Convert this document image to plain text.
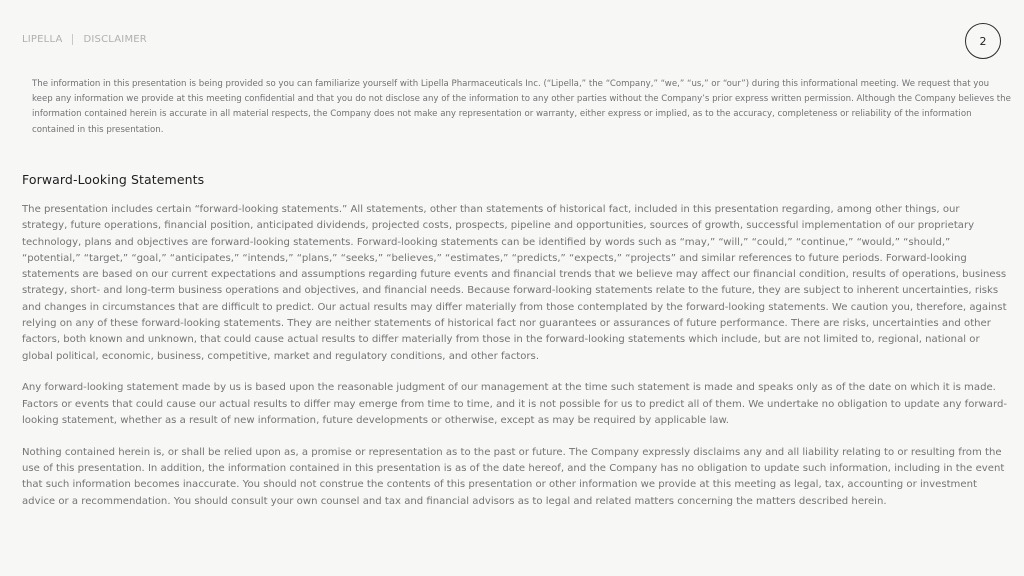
LIPELLA DISCLAIMER	2
The information in this presentation is being provided so you can familiarize yourself with Lipella Pharmaceuticals Inc. (“Lipella,” the “Company,” “we,” “us,” or “our”) during this informational meeting. We request that you keep any information we provide at this meeting confidential and that you do not disclose any of the information to any other parties without the Company’s prior express written permission. Although the Company believes the information contained herein is accurate in all material respects, the Company does not make any representation or warranty, either express or implied, as to the accuracy, completeness or reliability of the information contained in this presentation.
Forward-Looking Statements

The presentation includes certain “forward-looking statements.” All statements, other than statements of historical fact, included in this presentation regarding, among other things, our strategy, future operations, financial position, anticipated dividends, projected costs, prospects, pipeline and opportunities, sources of growth, successful implementation of our proprietary technology, plans and objectives are forward-looking statements. Forward-looking statements can be identified by words such as “may,” “will,” “could,” “continue,” “would,” “should,” “potential,” “target,” “goal,” “anticipates,” “intends,” “plans,” “seeks,” “believes,” “estimates,” “predicts,” “expects,” “projects” and similar references to future periods. Forward-looking statements are based on our current expectations and assumptions regarding future events and financial trends that we believe may affect our financial condition, results of operations, business strategy, short- and long-term business operations and objectives, and financial needs. Because forward-looking statements relate to the future, they are subject to inherent uncertainties, risks and changes in circumstances that are difficult to predict. Our actual results may differ materially from those contemplated by the forward-looking statements. We caution you, therefore, against relying on any of these forward-looking statements. They are neither statements of historical fact nor guarantees or assurances of future performance. There are risks, uncertainties and other factors, both known and unknown, that could cause actual results to differ materially from those in the forward-looking statements which include, but are not limited to, regional, national or global political, economic, business, competitive, market and regulatory conditions, and other factors.

Any forward-looking statement made by us is based upon the reasonable judgment of our management at the time such statement is made and speaks only as of the date on which it is made. Factors or events that could cause our actual results to differ may emerge from time to time, and it is not possible for us to predict all of them. We undertake no obligation to update any forward-looking statement, whether as a result of new information, future developments or otherwise, except as may be required by applicable law.

Nothing contained herein is, or shall be relied upon as, a promise or representation as to the past or future. The Company expressly disclaims any and all liability relating to or resulting from the use of this presentation. In addition, the information contained in this presentation is as of the date hereof, and the Company has no obligation to update such information, including in the event that such information becomes inaccurate. You should not construe the contents of this presentation or other information we provide at this meeting as legal, tax, accounting or investment advice or a recommendation. You should consult your own counsel and tax and financial advisors as to legal and related matters concerning the matters described herein.
